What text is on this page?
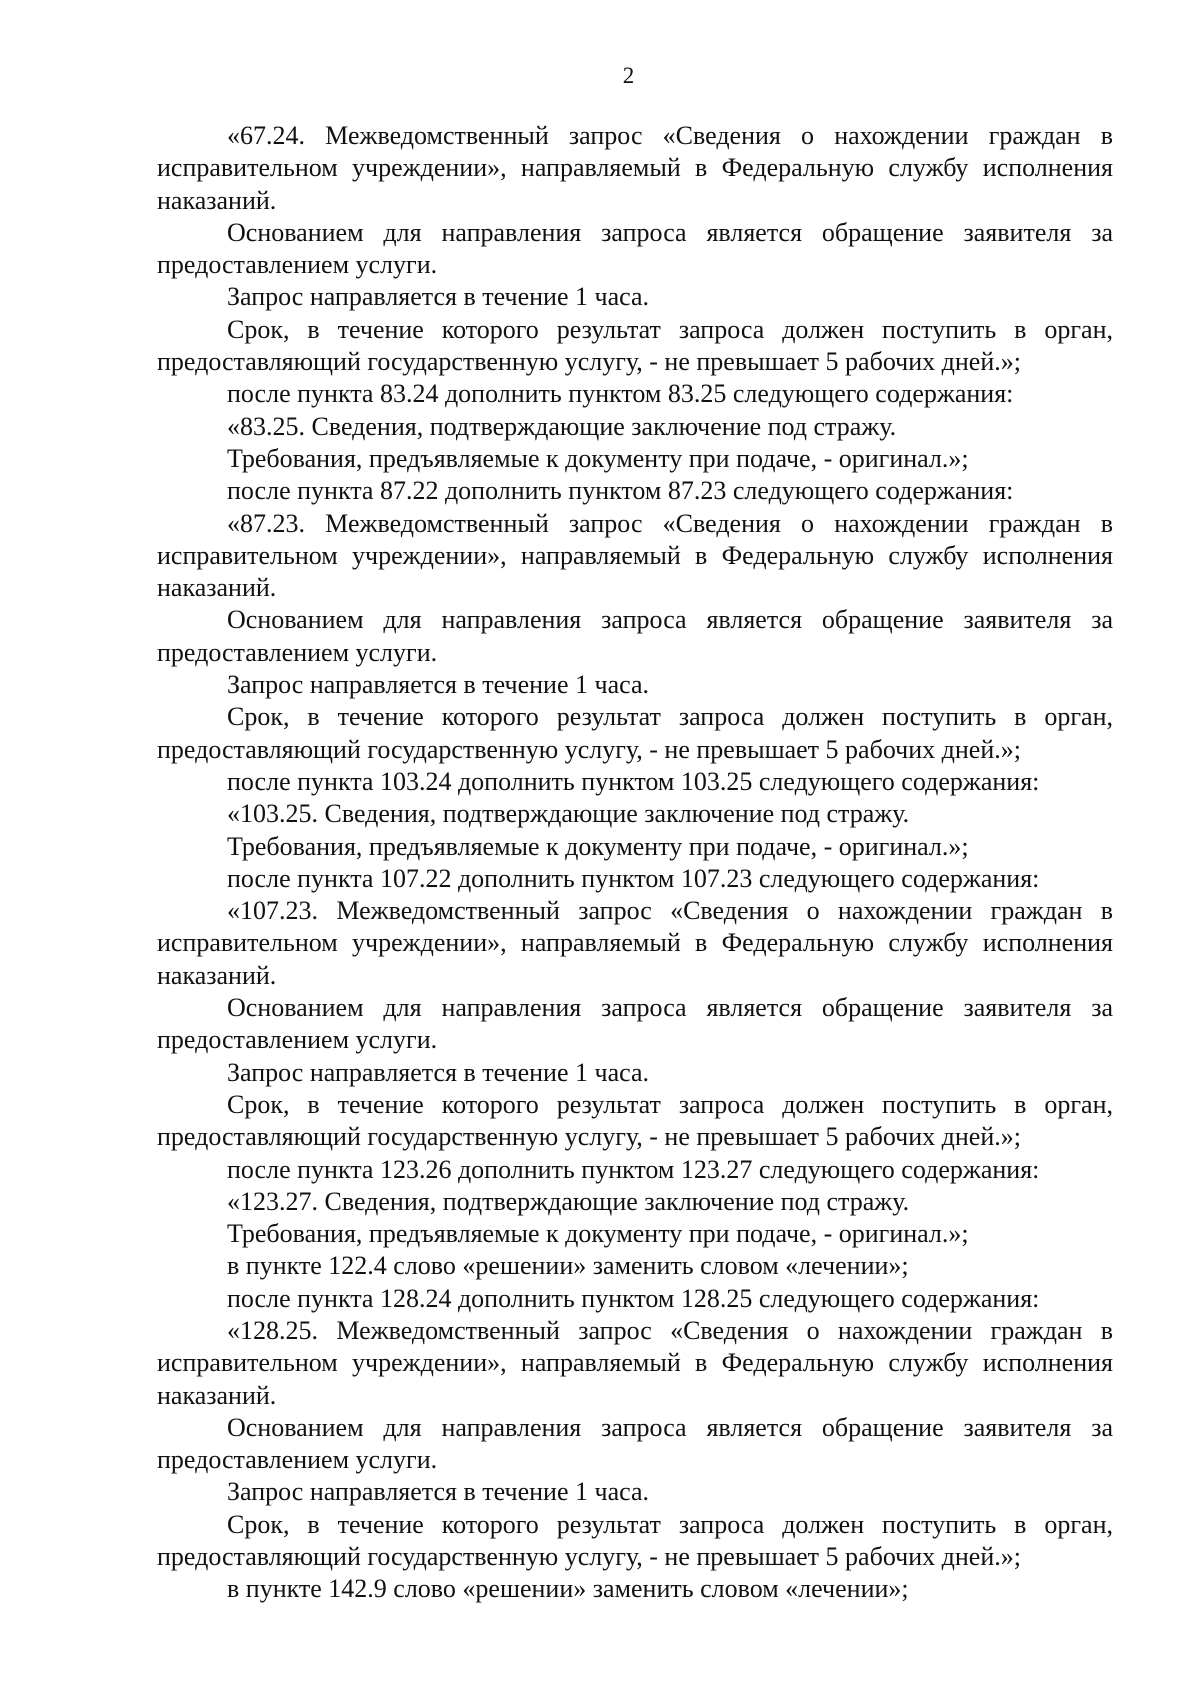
2

«67.24. Межведомственный запрос «Сведения о нахождении граждан в исправительном учреждении», направляемый в Федеральную службу исполнения наказаний.

Основанием для направления запроса является обращение заявителя за предоставлением услуги.

Запрос направляется в течение 1 часа.

Срок, в течение которого результат запроса должен поступить в орган, предоставляющий государственную услугу, - не превышает 5 рабочих дней.»;

после пункта 83.24 дополнить пунктом 83.25 следующего содержания:

«83.25. Сведения, подтверждающие заключение под стражу.

Требования, предъявляемые к документу при подаче, - оригинал.»;

после пункта 87.22 дополнить пунктом 87.23 следующего содержания:

«87.23. Межведомственный запрос «Сведения о нахождении граждан в исправительном учреждении», направляемый в Федеральную службу исполнения наказаний.

Основанием для направления запроса является обращение заявителя за предоставлением услуги.

Запрос направляется в течение 1 часа.

Срок, в течение которого результат запроса должен поступить в орган, предоставляющий государственную услугу, - не превышает 5 рабочих дней.»;

после пункта 103.24 дополнить пунктом 103.25 следующего содержания:

«103.25. Сведения, подтверждающие заключение под стражу.

Требования, предъявляемые к документу при подаче, - оригинал.»;

после пункта 107.22 дополнить пунктом 107.23 следующего содержания:

«107.23. Межведомственный запрос «Сведения о нахождении граждан в исправительном учреждении», направляемый в Федеральную службу исполнения наказаний.

Основанием для направления запроса является обращение заявителя за предоставлением услуги.

Запрос направляется в течение 1 часа.

Срок, в течение которого результат запроса должен поступить в орган, предоставляющий государственную услугу, - не превышает 5 рабочих дней.»;

после пункта 123.26 дополнить пунктом 123.27 следующего содержания:

«123.27. Сведения, подтверждающие заключение под стражу.

Требования, предъявляемые к документу при подаче, - оригинал.»;

в пункте 122.4 слово «решении» заменить словом «лечении»;

после пункта 128.24 дополнить пунктом 128.25 следующего содержания:

«128.25. Межведомственный запрос «Сведения о нахождении граждан в исправительном учреждении», направляемый в Федеральную службу исполнения наказаний.

Основанием для направления запроса является обращение заявителя за предоставлением услуги.

Запрос направляется в течение 1 часа.

Срок, в течение которого результат запроса должен поступить в орган, предоставляющий государственную услугу, - не превышает 5 рабочих дней.»;

в пункте 142.9 слово «решении» заменить словом «лечении»;
